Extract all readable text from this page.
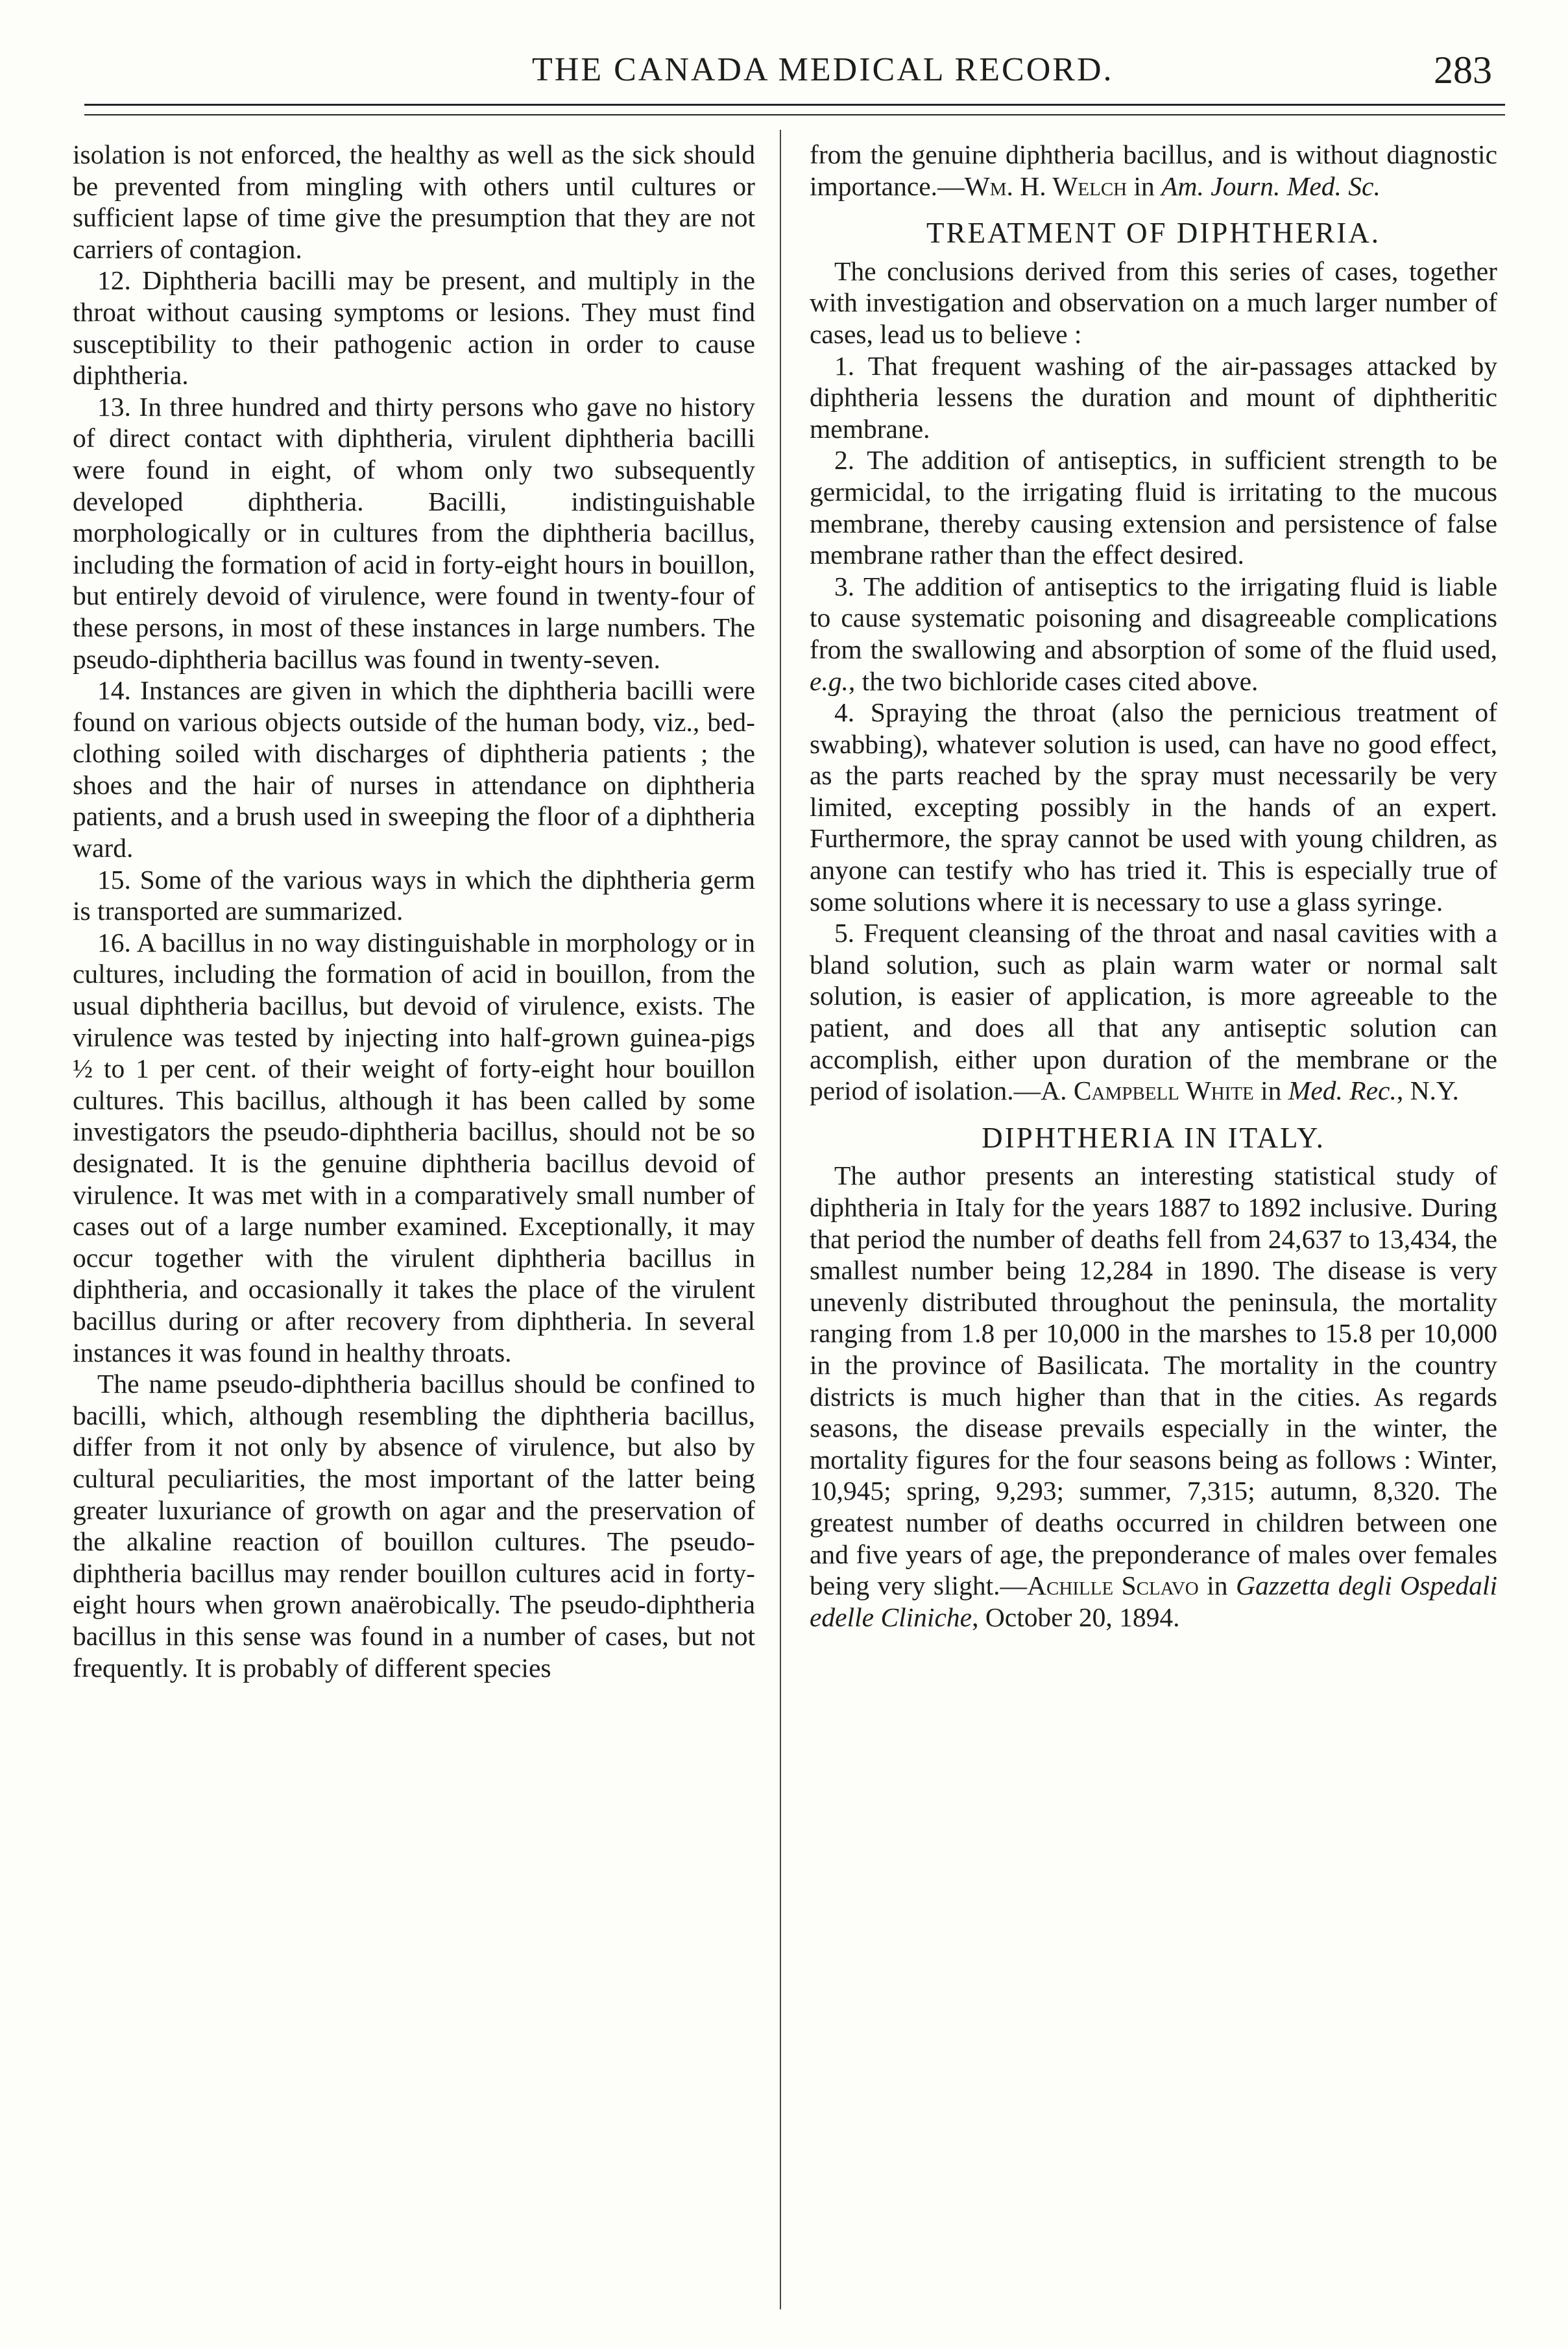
THE CANADA MEDICAL RECORD.	283

isolation is not enforced, the healthy as well as the sick should be prevented from mingling with others until cultures or sufficient lapse of time give the presumption that they are not carriers of contagion.

12. Diphtheria bacilli may be present, and multiply in the throat without causing symptoms or lesions. They must find susceptibility to their pathogenic action in order to cause diphtheria.

13. In three hundred and thirty persons who gave no history of direct contact with diphtheria, virulent diphtheria bacilli were found in eight, of whom only two subsequently developed diphtheria. Bacilli, indistinguishable morphologically or in cultures from the diphtheria bacillus, including the formation of acid in forty-eight hours in bouillon, but entirely devoid of virulence, were found in twenty-four of these persons, in most of these instances in large numbers. The pseudo-diphtheria bacillus was found in twenty-seven.

14. Instances are given in which the diphtheria bacilli were found on various objects outside of the human body, viz., bed-clothing soiled with discharges of diphtheria patients ; the shoes and the hair of nurses in attendance on diphtheria patients, and a brush used in sweeping the floor of a diphtheria ward.

15. Some of the various ways in which the diphtheria germ is transported are summarized.

16. A bacillus in no way distinguishable in morphology or in cultures, including the formation of acid in bouillon, from the usual diphtheria bacillus, but devoid of virulence, exists. The virulence was tested by injecting into half-grown guinea-pigs ½ to 1 per cent. of their weight of forty-eight hour bouillon cultures. This bacillus, although it has been called by some investigators the pseudo-diphtheria bacillus, should not be so designated. It is the genuine diphtheria bacillus devoid of virulence. It was met with in a comparatively small number of cases out of a large number examined. Exceptionally, it may occur together with the virulent diphtheria bacillus in diphtheria, and occasionally it takes the place of the virulent bacillus during or after recovery from diphtheria. In several instances it was found in healthy throats.

The name pseudo-diphtheria bacillus should be confined to bacilli, which, although resembling the diphtheria bacillus, differ from it not only by absence of virulence, but also by cultural peculiarities, the most important of the latter being greater luxuriance of growth on agar and the preservation of the alkaline reaction of bouillon cultures. The pseudo-diphtheria bacillus may render bouillon cultures acid in forty-eight hours when grown anaërobically. The pseudo-diphtheria bacillus in this sense was found in a number of cases, but not frequently. It is probably of different species

from the genuine diphtheria bacillus, and is without diagnostic importance.—Wm. H. Welch in Am. Journ. Med. Sc.

TREATMENT OF DIPHTHERIA.

The conclusions derived from this series of cases, together with investigation and observation on a much larger number of cases, lead us to believe :

1. That frequent washing of the air-passages attacked by diphtheria lessens the duration and mount of diphtheritic membrane.

2. The addition of antiseptics, in sufficient strength to be germicidal, to the irrigating fluid is irritating to the mucous membrane, thereby causing extension and persistence of false membrane rather than the effect desired.

3. The addition of antiseptics to the irrigating fluid is liable to cause systematic poisoning and disagreeable complications from the swallowing and absorption of some of the fluid used, e.g., the two bichloride cases cited above.

4. Spraying the throat (also the pernicious treatment of swabbing), whatever solution is used, can have no good effect, as the parts reached by the spray must necessarily be very limited, excepting possibly in the hands of an expert. Furthermore, the spray cannot be used with young children, as anyone can testify who has tried it. This is especially true of some solutions where it is necessary to use a glass syringe.

5. Frequent cleansing of the throat and nasal cavities with a bland solution, such as plain warm water or normal salt solution, is easier of application, is more agreeable to the patient, and does all that any antiseptic solution can accomplish, either upon duration of the membrane or the period of isolation.—A. Campbell White in Med. Rec., N.Y.

DIPHTHERIA IN ITALY.

The author presents an interesting statistical study of diphtheria in Italy for the years 1887 to 1892 inclusive. During that period the number of deaths fell from 24,637 to 13,434, the smallest number being 12,284 in 1890. The disease is very unevenly distributed throughout the peninsula, the mortality ranging from 1.8 per 10,000 in the marshes to 15.8 per 10,000 in the province of Basilicata. The mortality in the country districts is much higher than that in the cities. As regards seasons, the disease prevails especially in the winter, the mortality figures for the four seasons being as follows : Winter, 10,945; spring, 9,293; summer, 7,315; autumn, 8,320. The greatest number of deaths occurred in children between one and five years of age, the preponderance of males over females being very slight.—Achille Sclavo in Gazzetta degli Ospedali edelle Cliniche, October 20, 1894.
